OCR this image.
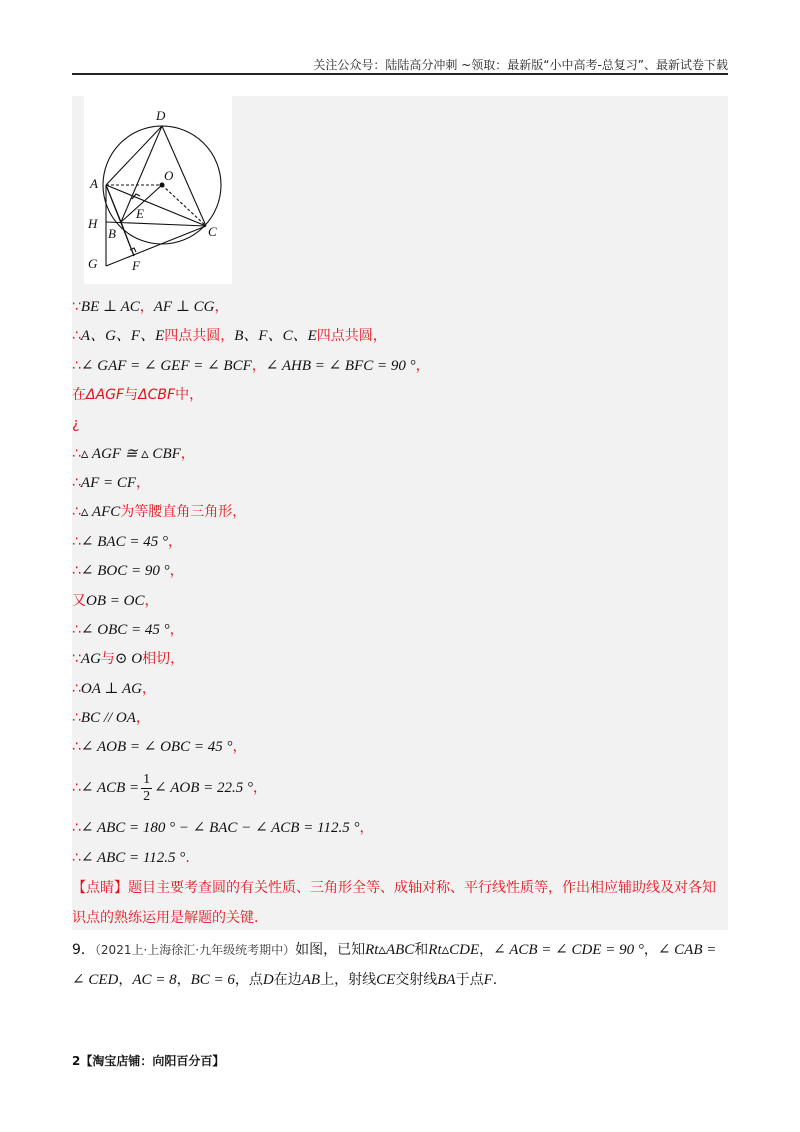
关注公众号：陆陆高分冲刺 ~领取：最新版“小中高考-总复习”、最新试卷下载
D
O
A
E
H
B	C
G	F
∵BE ⊥ AC，AF ⊥ CG，
∴A、G、F、E四点共圆，B、F、C、E四点共圆，
∴∠ GAF = ∠ GEF = ∠ BCF，∠ AHB = ∠ BFC = 90 °，
在ΔAGF与ΔCBF中，
¿
∴▵ AGF ≅ ▵ CBF，
∴AF = CF，
∴▵ AFC为等腰直角三角形，
∴∠ BAC = 45 °，
∴∠ BOC = 90 °，
又OB = OC，
∴∠ OBC = 45 °，
∵AG与⊙ O相切，
∴OA ⊥ AG，
∴BC // OA，
∴∠ AOB = ∠ OBC = 45 °，
∴∠ ACB = $\frac{1}{2}$ ∠ AOB = 22.5 °，
∴∠ ABC = 180 ° − ∠ BAC − ∠ ACB = 112.5 °，
∴∠ ABC = 112.5 °.
【点睛】题目主要考查圆的有关性质、三角形全等、成轴对称、平行线性质等，作出相应辅助线及对各知识点的熟练运用是解题的关键.
9．（2021上·上海徐汇·九年级统考期中）如图，已知Rt▵ABC和Rt▵CDE，∠ ACB = ∠ CDE = 90 °，∠ CAB = ∠ CED，AC = 8，BC = 6，点D在边AB上，射线CE交射线BA于点F.
2【淘宝店铺：向阳百分百】
